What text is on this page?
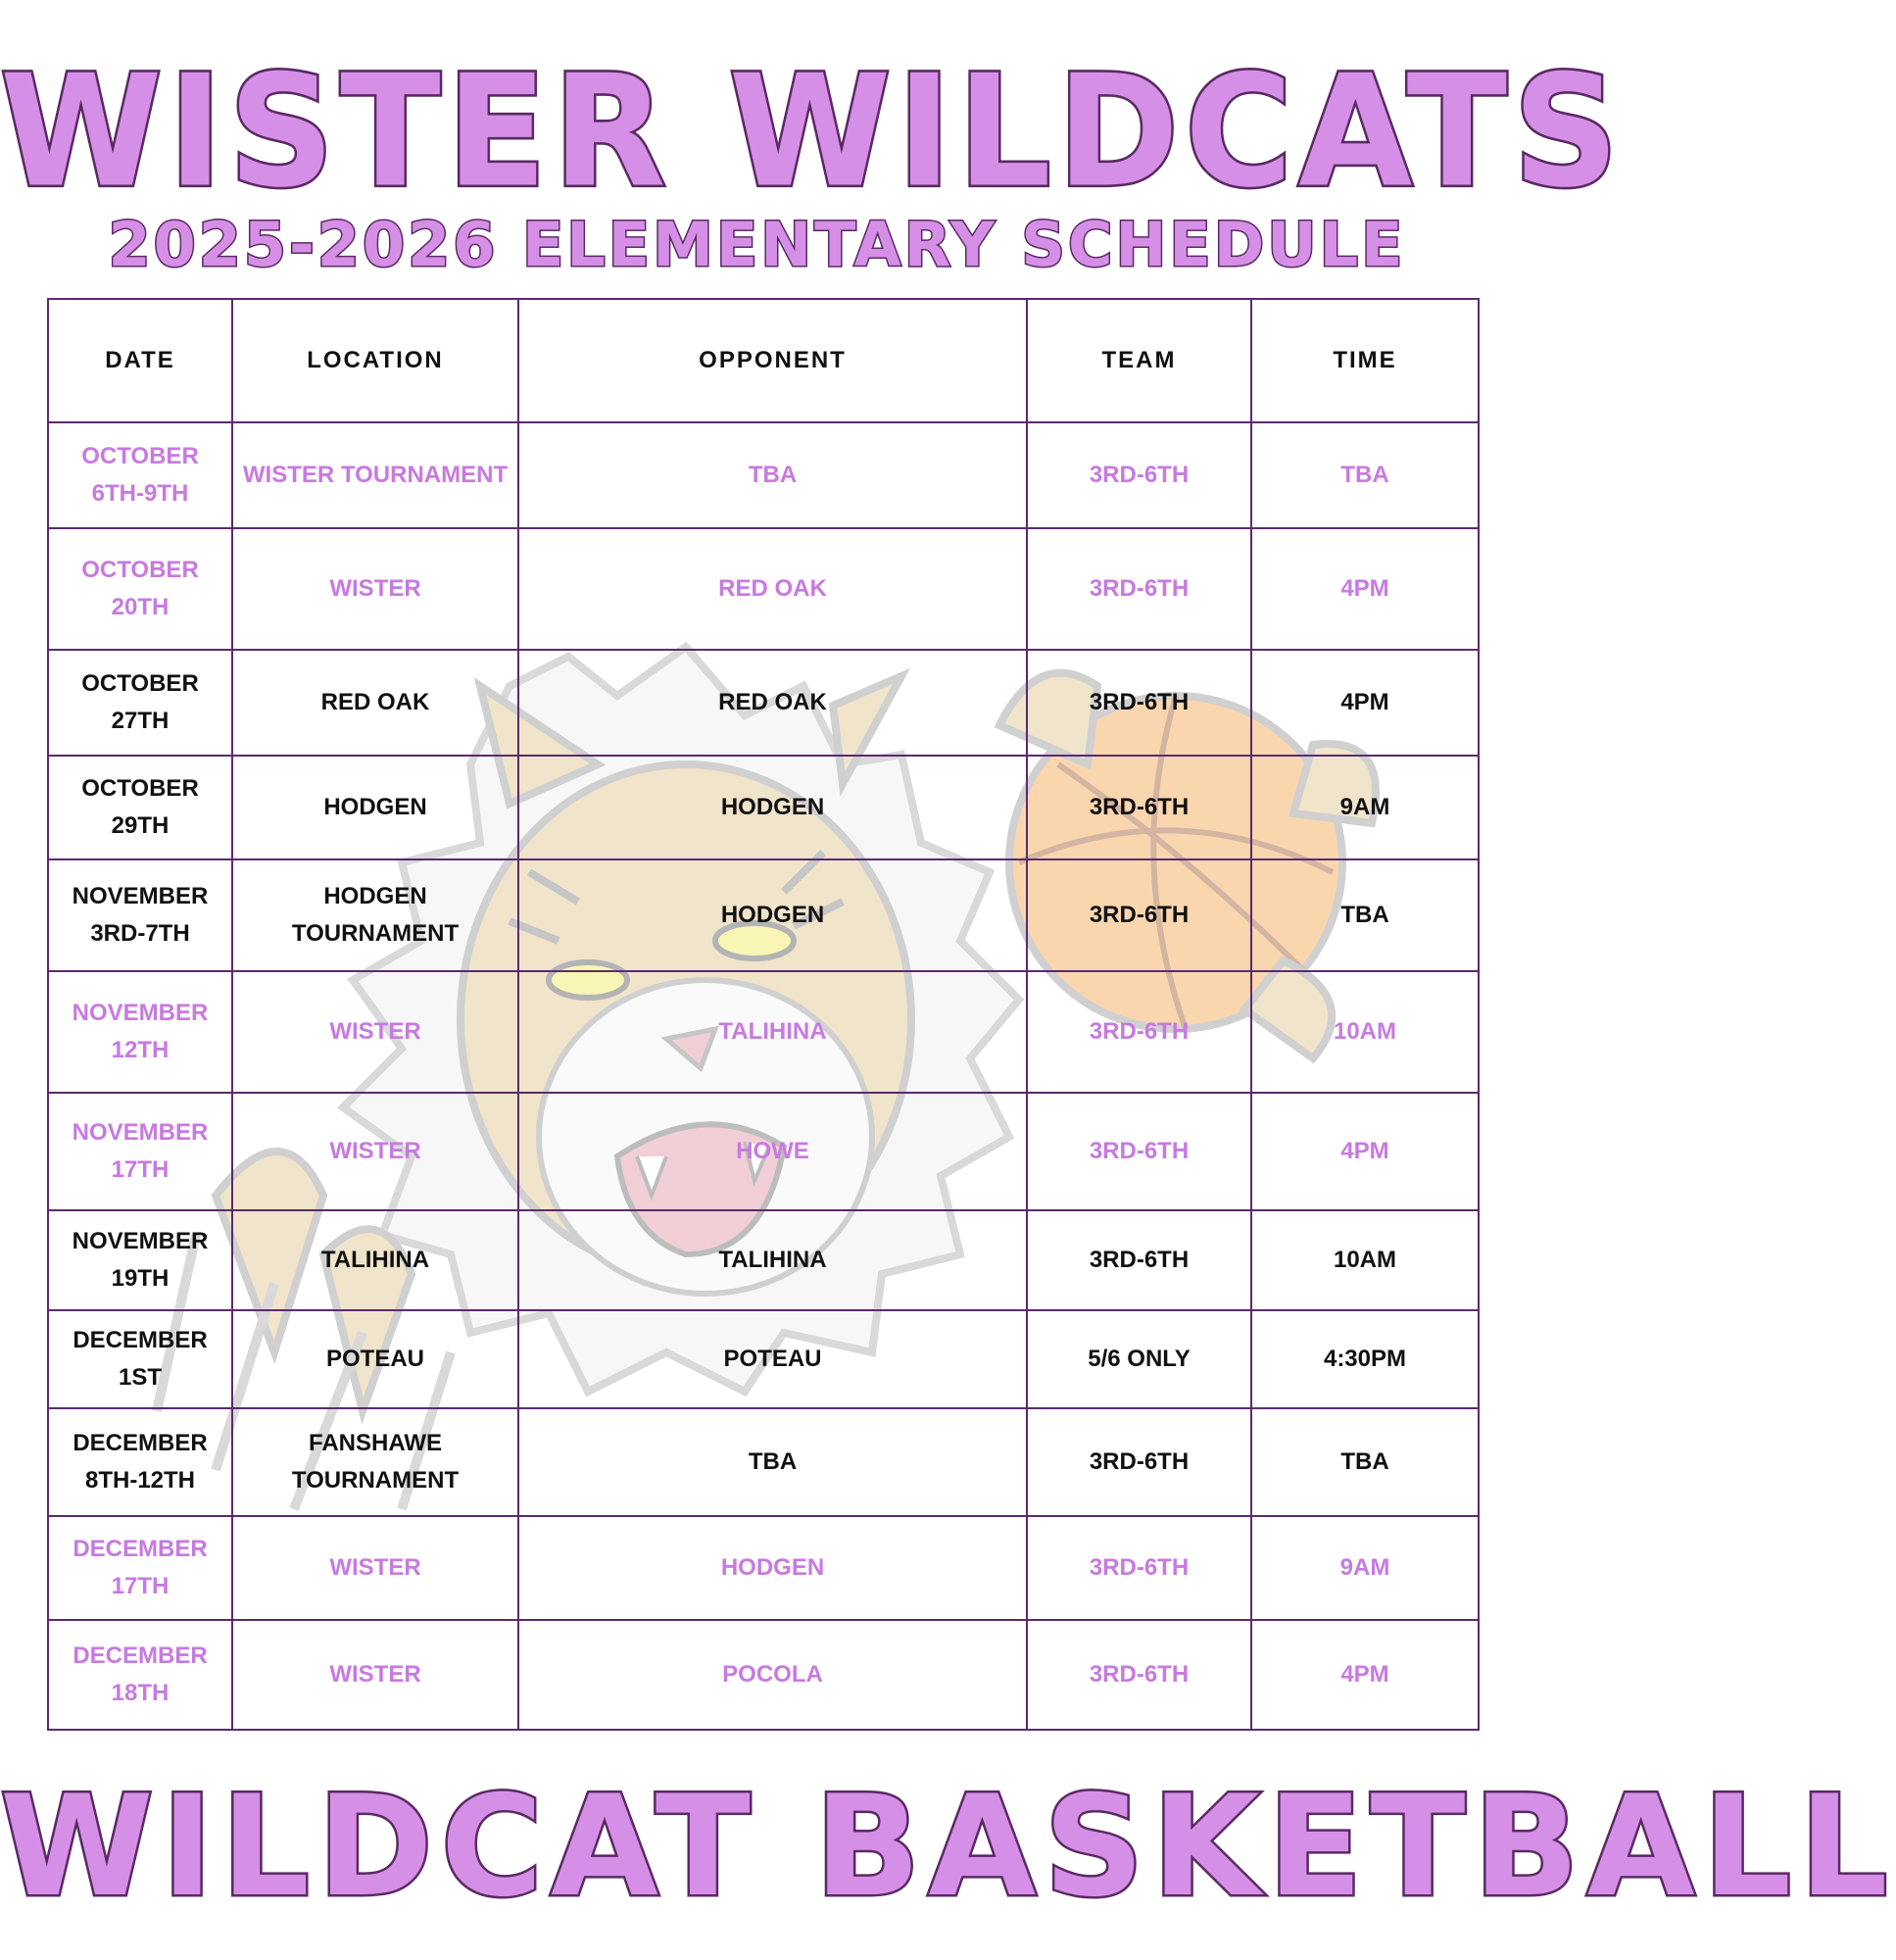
WISTER WILDCATS
2025-2026 ELEMENTARY SCHEDULE
DATE	LOCATION	OPPONENT	TEAM	TIME
OCTOBER 6TH-9TH	WISTER TOURNAMENT	TBA	3RD-6TH	TBA
OCTOBER 20TH	WISTER	RED OAK	3RD-6TH	4PM
OCTOBER 27TH	RED OAK	RED OAK	3RD-6TH	4PM
OCTOBER 29TH	HODGEN	HODGEN	3RD-6TH	9AM
NOVEMBER 3RD-7TH	HODGEN TOURNAMENT	HODGEN	3RD-6TH	TBA
NOVEMBER 12TH	WISTER	TALIHINA	3RD-6TH	10AM
NOVEMBER 17TH	WISTER	HOWE	3RD-6TH	4PM
NOVEMBER 19TH	TALIHINA	TALIHINA	3RD-6TH	10AM
DECEMBER 1ST	POTEAU	POTEAU	5/6 ONLY	4:30PM
DECEMBER 8TH-12TH	FANSHAWE TOURNAMENT	TBA	3RD-6TH	TBA
DECEMBER 17TH	WISTER	HODGEN	3RD-6TH	9AM
DECEMBER 18TH	WISTER	POCOLA	3RD-6TH	4PM
WILDCAT BASKETBALL
